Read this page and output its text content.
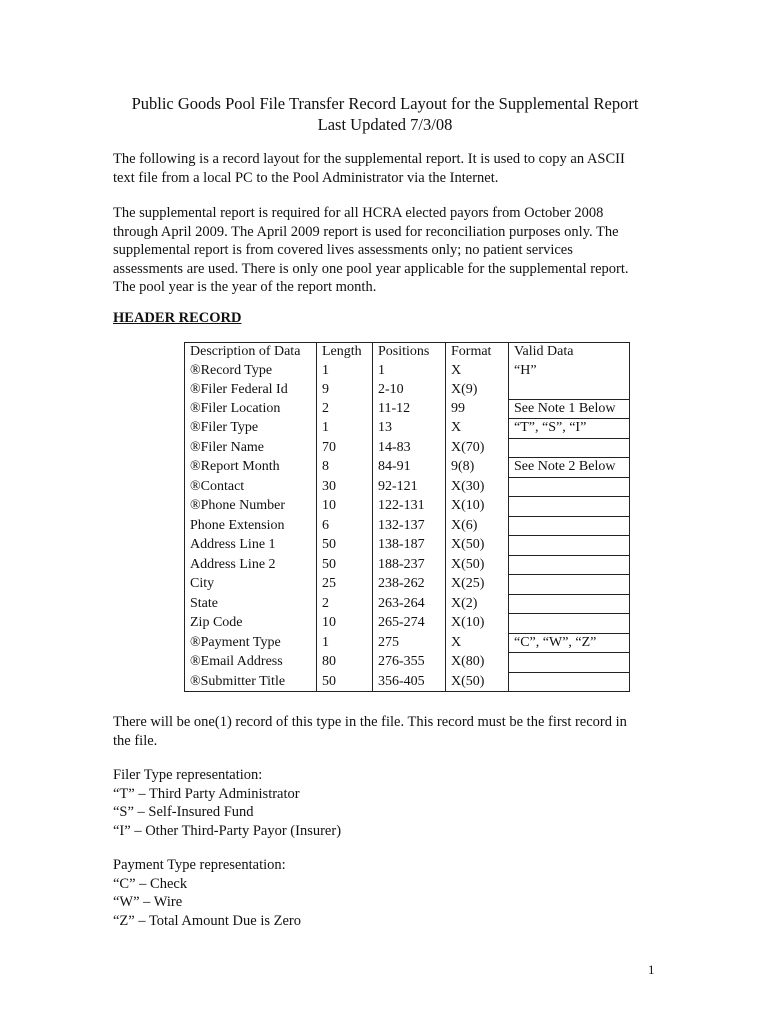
Public Goods Pool File Transfer Record Layout for the Supplemental Report
Last Updated 7/3/08
The following is a record layout for the supplemental report. It is used to copy an ASCII
text file from a local PC to the Pool Administrator via the Internet.
The supplemental report is required for all HCRA elected payors from October 2008
through April 2009. The April 2009 report is used for reconciliation purposes only. The
supplemental report is from covered lives assessments only; no patient services
assessments are used. There is only one pool year applicable for the supplemental report.
The pool year is the year of the report month.
HEADER RECORD
Description of Data	Length	Positions	Format	Valid Data
®Record Type	1	1	X	“H”
®Filer Federal Id	9	2-10	X(9)	
®Filer Location	2	11-12	99	See Note 1 Below
®Filer Type	1	13	X	“T”, “S”, “I”
®Filer Name	70	14-83	X(70)	
®Report Month	8	84-91	9(8)	See Note 2 Below
®Contact	30	92-121	X(30)	
®Phone Number	10	122-131	X(10)	
Phone Extension	6	132-137	X(6)	
Address Line 1	50	138-187	X(50)	
Address Line 2	50	188-237	X(50)	
City	25	238-262	X(25)	
State	2	263-264	X(2)	
Zip Code	10	265-274	X(10)	
®Payment Type	1	275	X	“C”, “W”, “Z”
®Email Address	80	276-355	X(80)	
®Submitter Title	50	356-405	X(50)	
There will be one(1) record of this type in the file. This record must be the first record in
the file.
Filer Type representation:
“T” – Third Party Administrator
“S” – Self-Insured Fund
“I” – Other Third-Party Payor (Insurer)
Payment Type representation:
“C” – Check
“W” – Wire
“Z” – Total Amount Due is Zero
1
